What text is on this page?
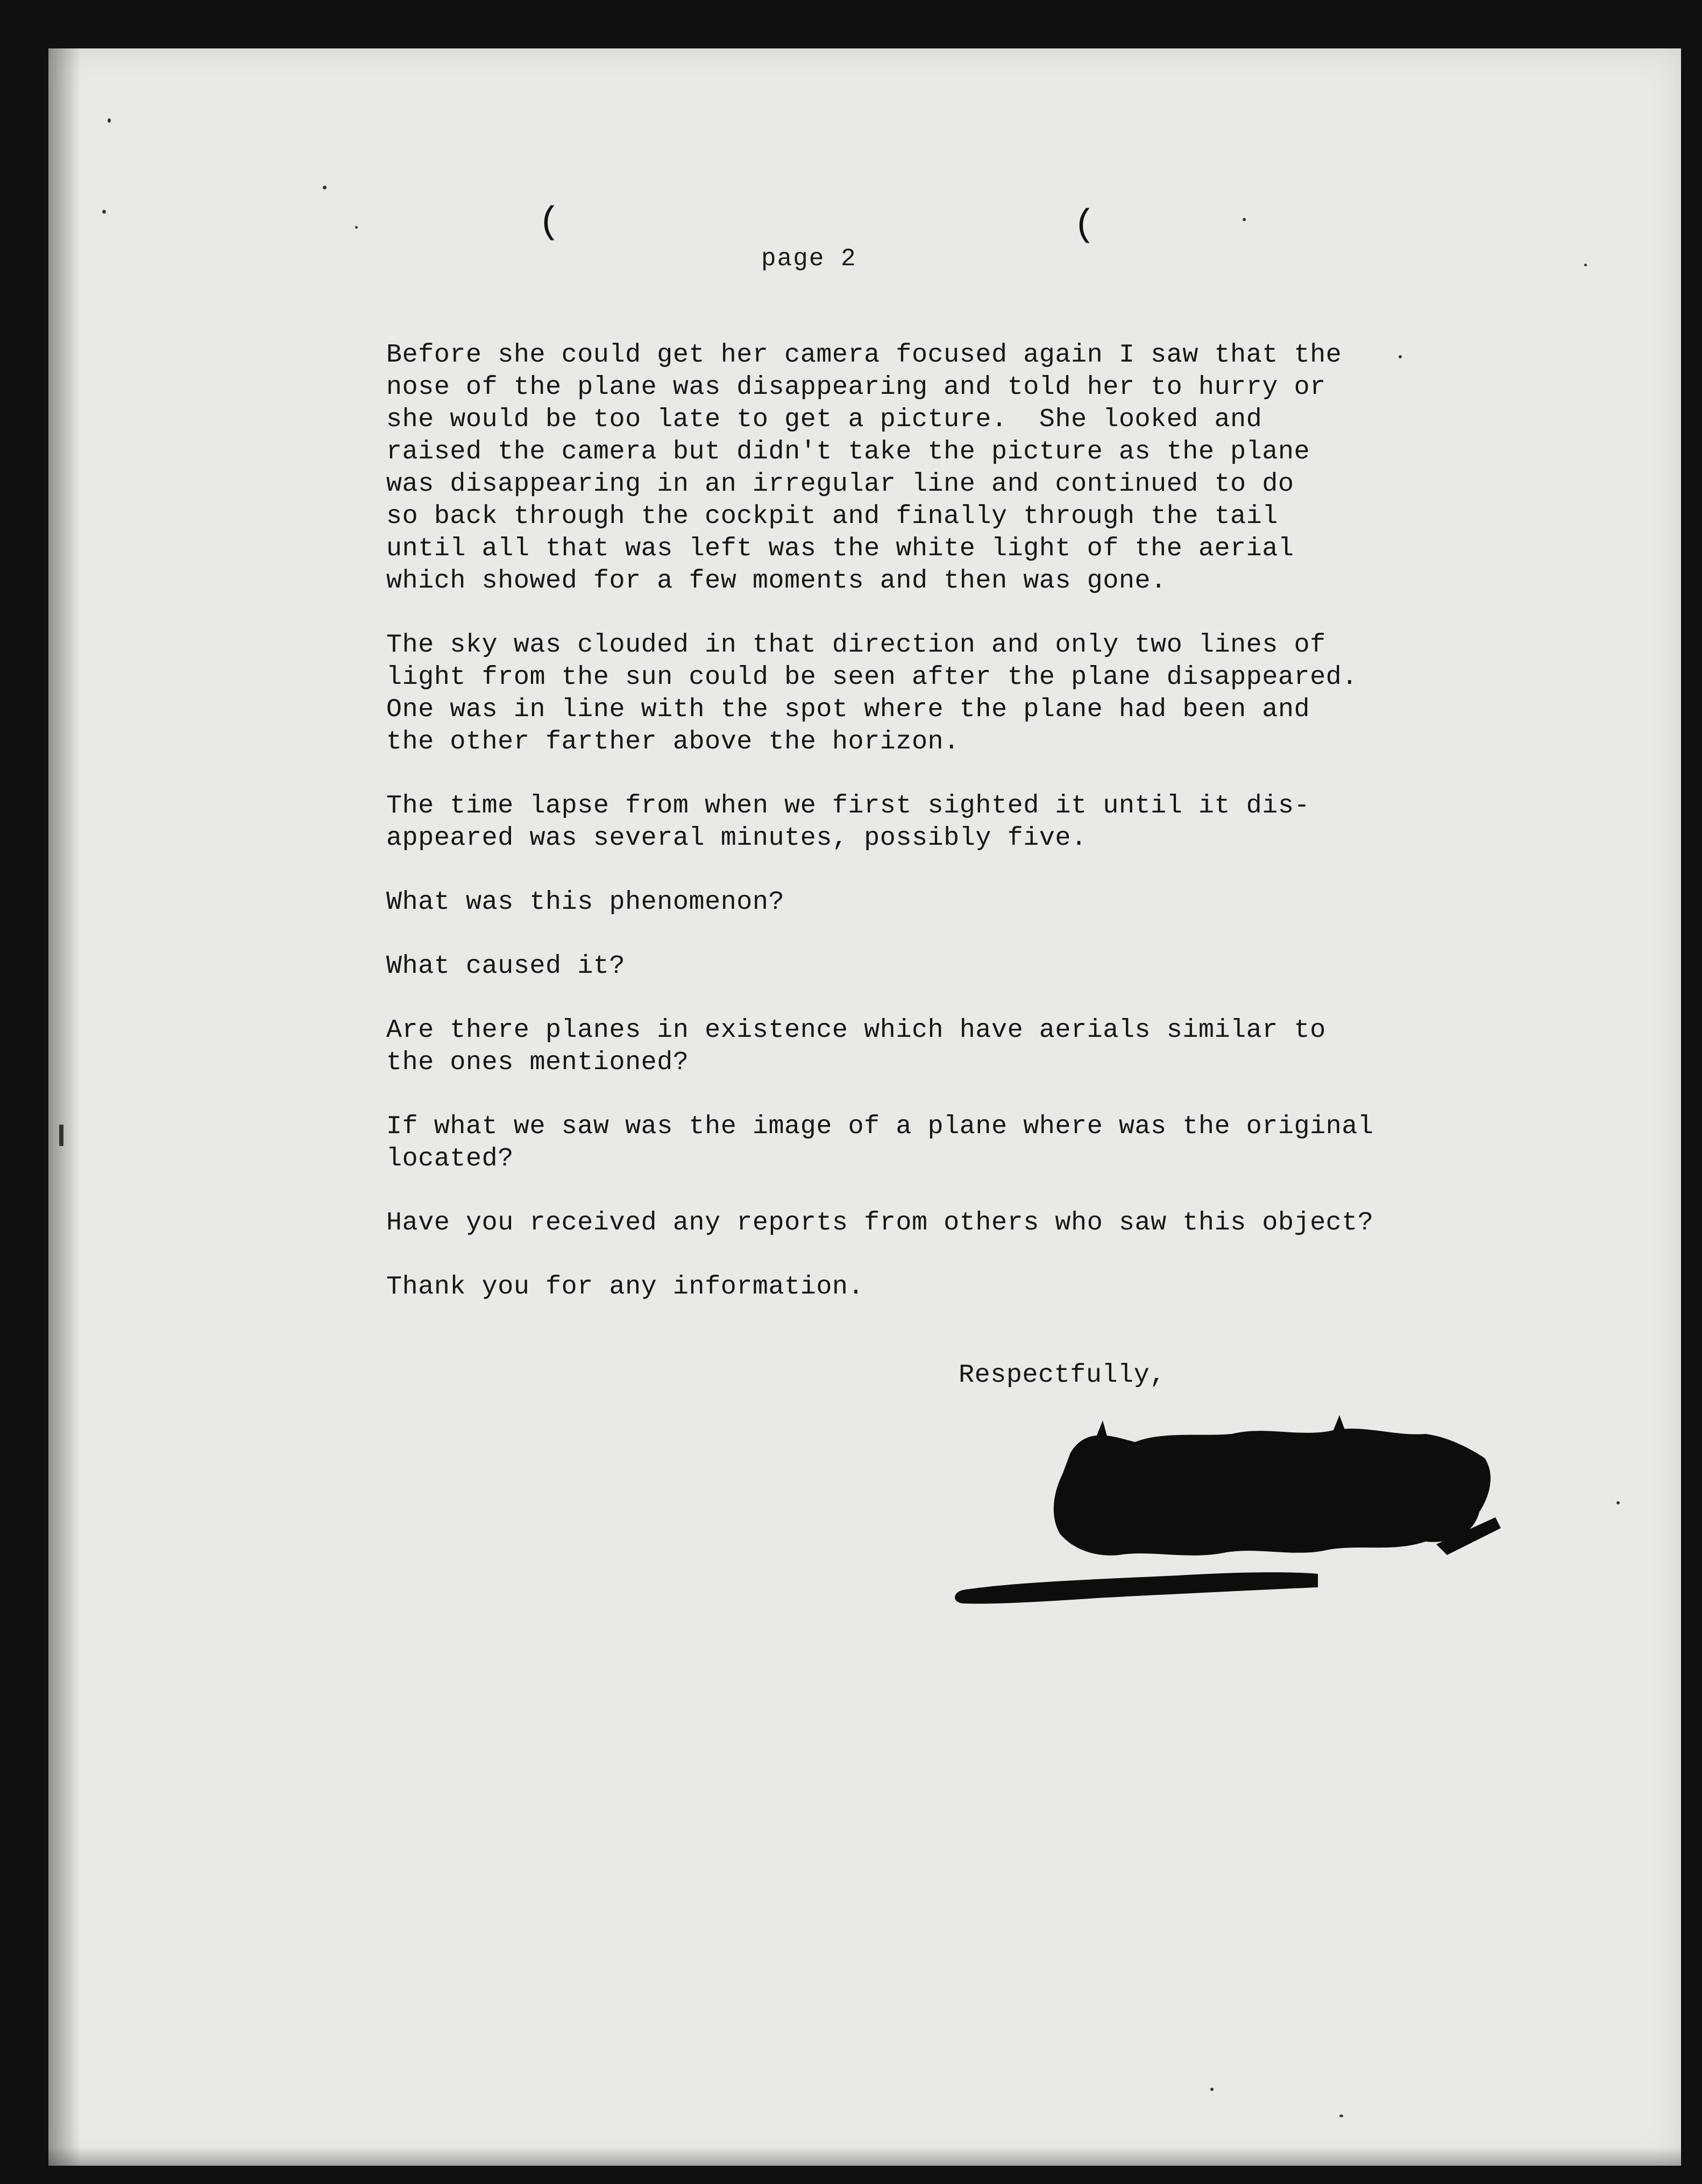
(	(
page 2
Before she could get her camera focused again I saw that the
nose of the plane was disappearing and told her to hurry or
she would be too late to get a picture.  She looked and
raised the camera but didn't take the picture as the plane
was disappearing in an irregular line and continued to do
so back through the cockpit and finally through the tail
until all that was left was the white light of the aerial
which showed for a few moments and then was gone.
The sky was clouded in that direction and only two lines of
light from the sun could be seen after the plane disappeared.
One was in line with the spot where the plane had been and
the other farther above the horizon.
The time lapse from when we first sighted it until it dis-
appeared was several minutes, possibly five.
What was this phenomenon?
What caused it?
Are there planes in existence which have aerials similar to
the ones mentioned?
If what we saw was the image of a plane where was the original
located?
Have you received any reports from others who saw this object?
Thank you for any information.
Respectfully,
